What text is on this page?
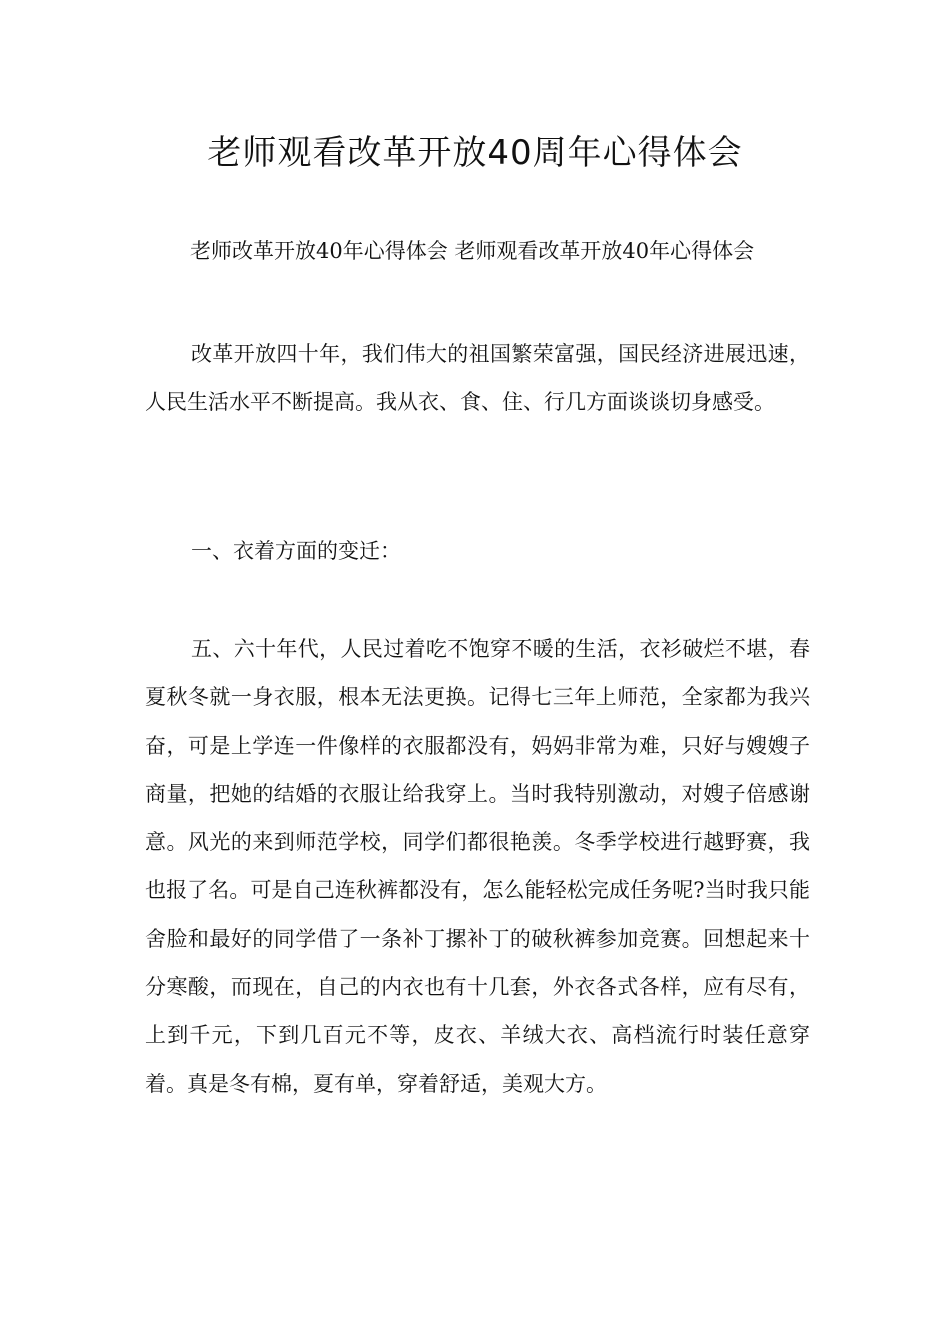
老师观看改革开放40周年心得体会

老师改革开放40年心得体会 老师观看改革开放40年心得体会

改革开放四十年，我们伟大的祖国繁荣富强，国民经济进展迅速，人民生活水平不断提高。我从衣、食、住、行几方面谈谈切身感受。

一、衣着方面的变迁：

五、六十年代，人民过着吃不饱穿不暖的生活，衣衫破烂不堪，春夏秋冬就一身衣服，根本无法更换。记得七三年上师范，全家都为我兴奋，可是上学连一件像样的衣服都没有，妈妈非常为难，只好与嫂嫂子商量，把她的结婚的衣服让给我穿上。当时我特别激动，对嫂子倍感谢意。风光的来到师范学校，同学们都很艳羡。冬季学校进行越野赛，我也报了名。可是自己连秋裤都没有，怎么能轻松完成任务呢?当时我只能舍脸和最好的同学借了一条补丁摞补丁的破秋裤参加竞赛。回想起来十分寒酸，而现在，自己的内衣也有十几套，外衣各式各样，应有尽有，上到千元，下到几百元不等，皮衣、羊绒大衣、高档流行时装任意穿着。真是冬有棉，夏有单，穿着舒适，美观大方。
